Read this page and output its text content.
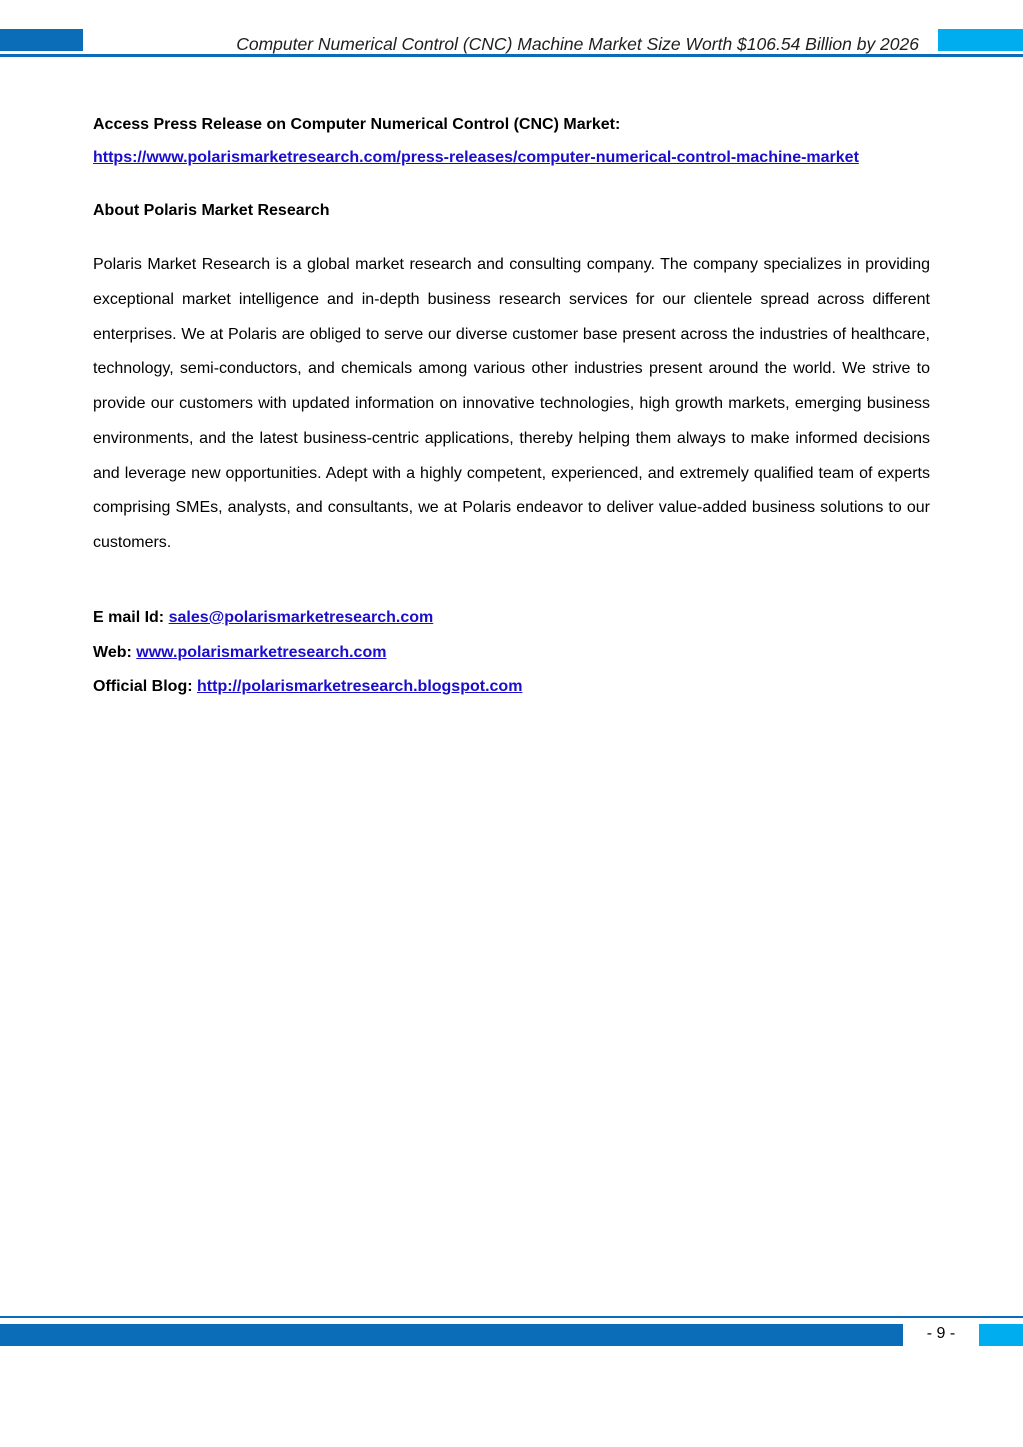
Computer Numerical Control (CNC) Machine Market Size Worth $106.54 Billion by 2026

Access Press Release on Computer Numerical Control (CNC) Market:

https://www.polarismarketresearch.com/press-releases/computer-numerical-control-machine-market

About Polaris Market Research

Polaris Market Research is a global market research and consulting company. The company specializes in providing exceptional market intelligence and in-depth business research services for our clientele spread across different enterprises. We at Polaris are obliged to serve our diverse customer base present across the industries of healthcare, technology, semi-conductors, and chemicals among various other industries present around the world. We strive to provide our customers with updated information on innovative technologies, high growth markets, emerging business environments, and the latest business-centric applications, thereby helping them always to make informed decisions and leverage new opportunities. Adept with a highly competent, experienced, and extremely qualified team of experts comprising SMEs, analysts, and consultants, we at Polaris endeavor to deliver value-added business solutions to our customers.

E mail Id: sales@polarismarketresearch.com
Web: www.polarismarketresearch.com
Official Blog: http://polarismarketresearch.blogspot.com
- 9 -
